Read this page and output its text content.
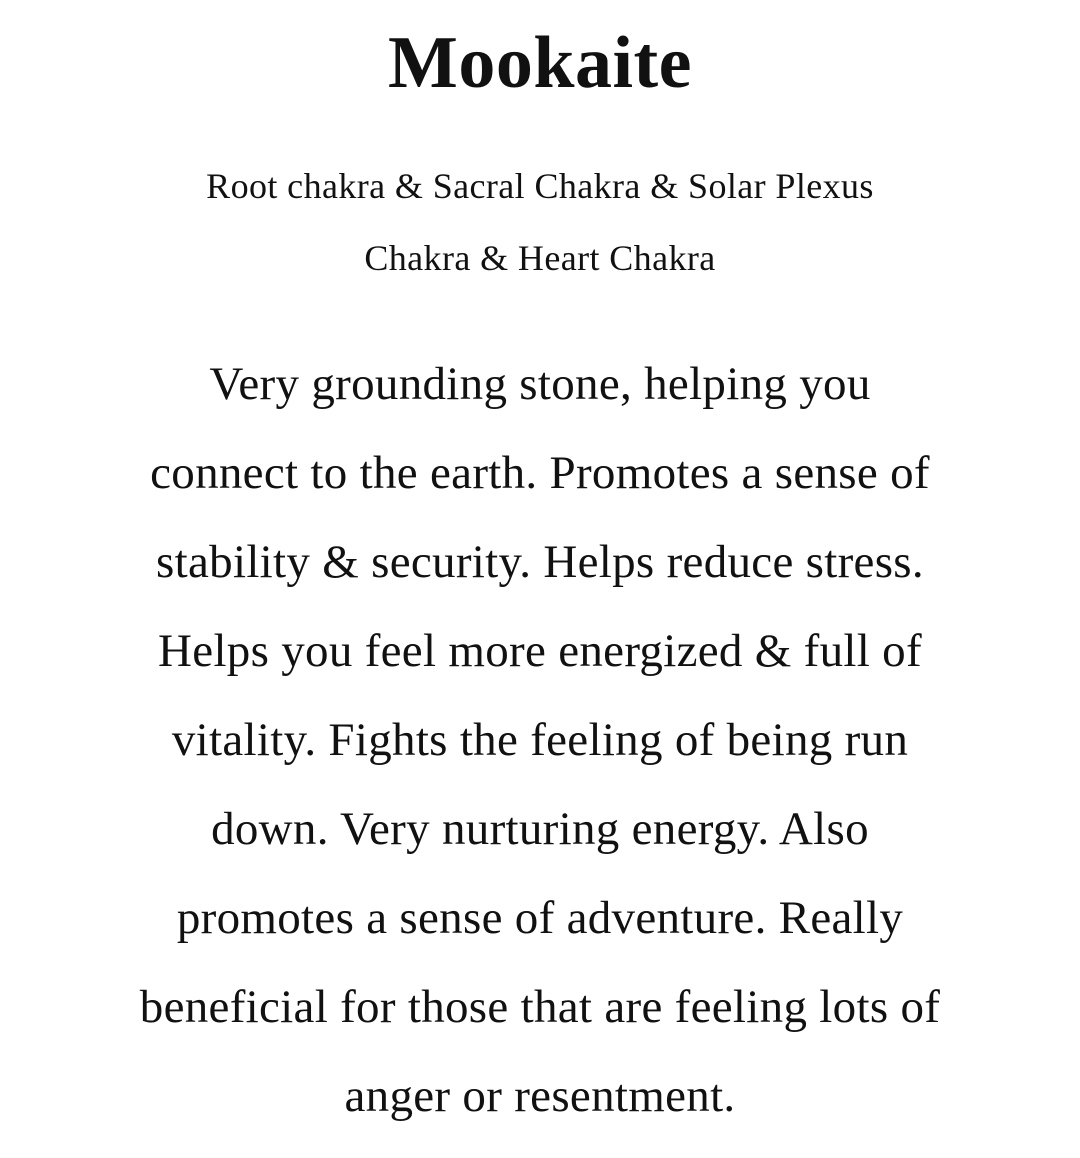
Mookaite

Root chakra & Sacral Chakra & Solar Plexus
Chakra & Heart Chakra

Very grounding stone, helping you
connect to the earth. Promotes a sense of
stability & security. Helps reduce stress.
Helps you feel more energized & full of
vitality. Fights the feeling of being run
down. Very nurturing energy. Also
promotes a sense of adventure. Really
beneficial for those that are feeling lots of
anger or resentment.
